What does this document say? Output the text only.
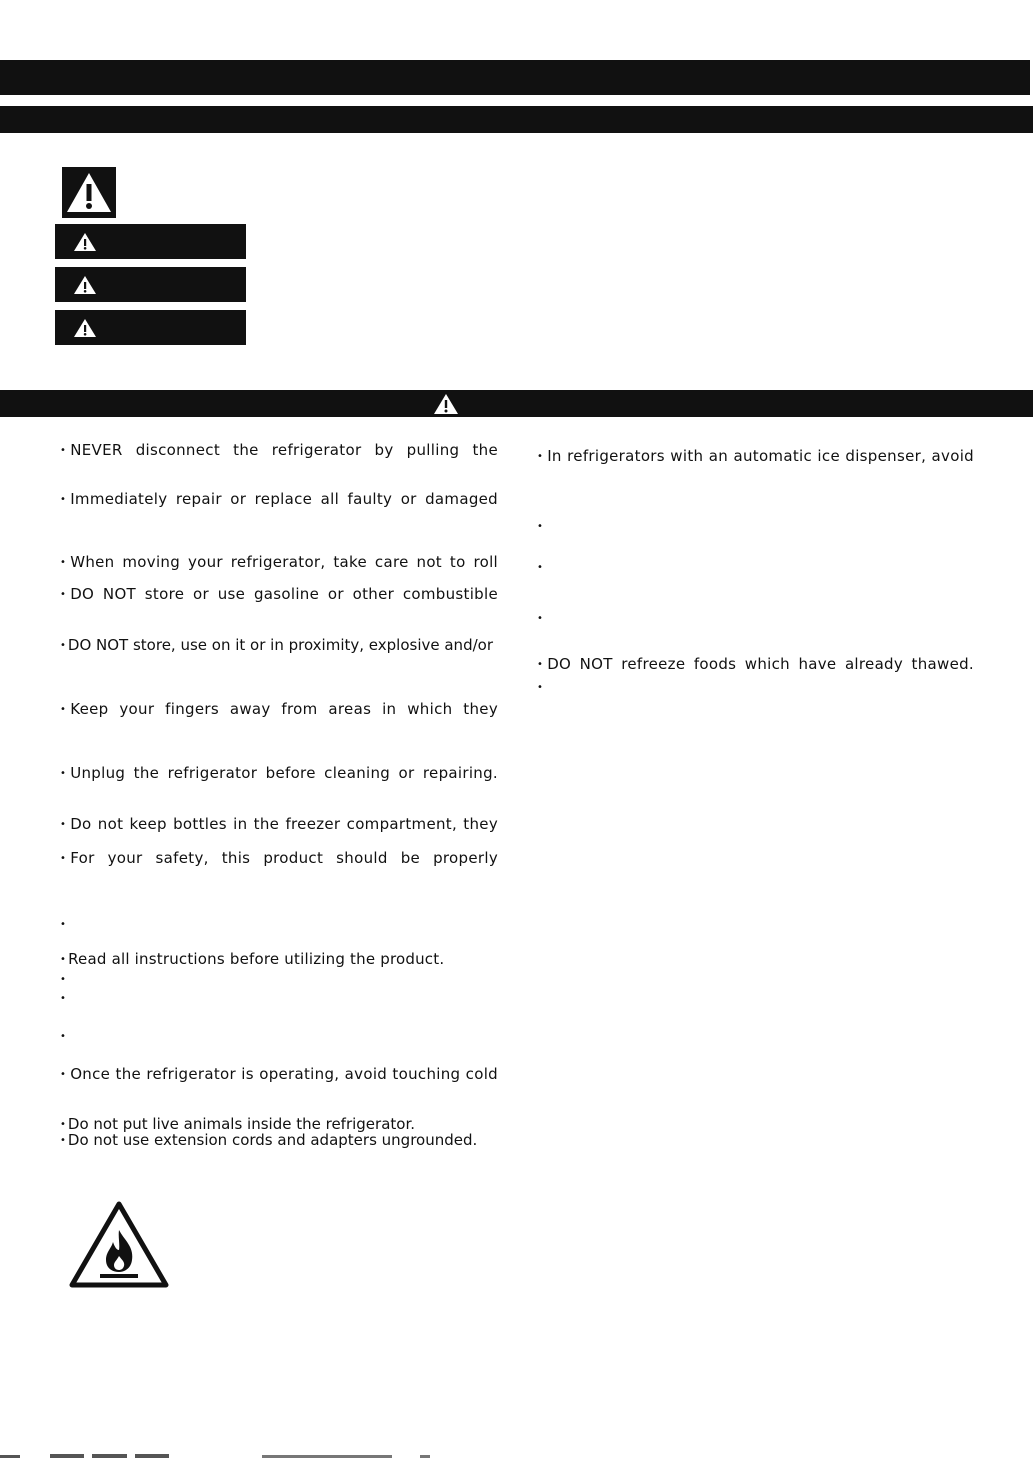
• NEVER disconnect the refrigerator by pulling the
• Immediately repair or replace all faulty or damaged
• When moving your refrigerator, take care not to roll
• DO NOT store or use gasoline or other combustible
• DO NOT store, use on it or in proximity, explosive and/or
• Keep your fingers away from areas in which they
• Unplug the refrigerator before cleaning or repairing.
• Do not keep bottles in the freezer compartment, they
• For your safety, this product should be properly
•
• Read all instructions before utilizing the product.
•
•
•
• Once the refrigerator is operating, avoid touching cold
• Do not put live animals inside the refrigerator.
• Do not use extension cords and adapters ungrounded.
• In refrigerators with an automatic ice dispenser, avoid
•
•
•
• DO NOT refreeze foods which have already thawed.
•
